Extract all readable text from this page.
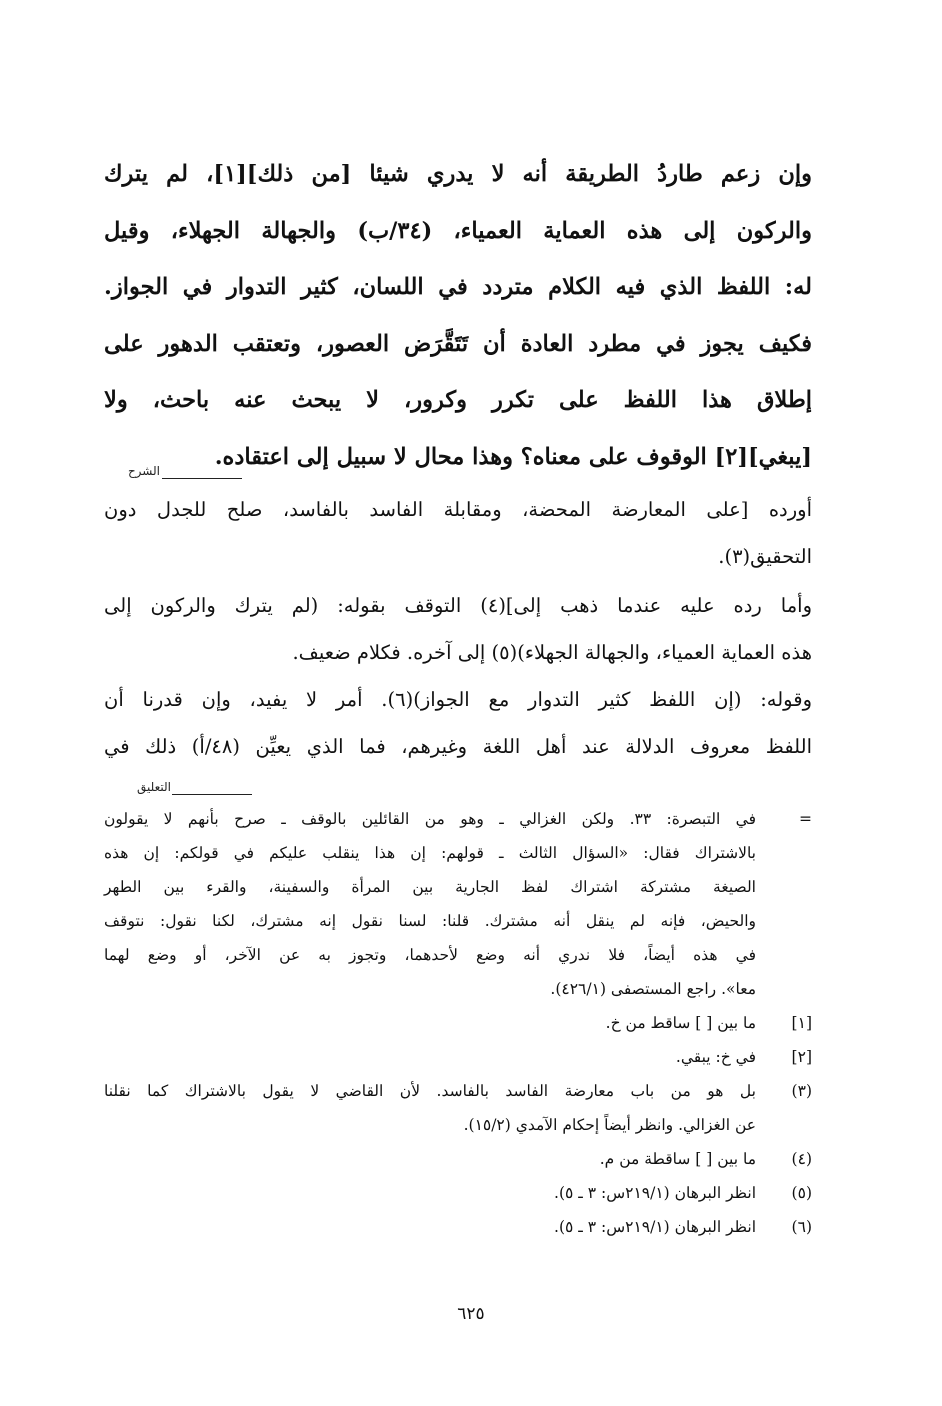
وإن زعم طاردُ الطريقة أنه لا يدري شيئا [من ذلك][١]، لم يترك
والركون إلى هذه العماية العمياء، (٣٤/ب) والجهالة الجهلاء، وقيل
له: اللفظ الذي فيه الكلام متردد في اللسان، كثير التدوار في الجواز.
فكيف يجوز في مطرد العادة أن تَتَقَّرَض العصور، وتعتقب الدهور على
إطلاق هذا اللفظ على تكرر وكرور، لا يبحث عنه باحث، ولا
[يبغي][٢] الوقوف على معناه؟ وهذا محال لا سبيل إلى اعتقاده.
الشرح

أورده [على المعارضة المحضة، ومقابلة الفاسد بالفاسد، صلح للجدل دون
التحقيق(٣).

وأما رده عليه عندما ذهب إلى](٤) التوقف بقوله: (لم يترك والركون إلى
هذه العماية العمياء، والجهالة الجهلاء)(٥) إلى آخره. فكلام ضعيف.

وقوله: (إن اللفظ كثير التدوار مع الجواز)(٦). أمر لا يفيد، وإن قدرنا أن
اللفظ معروف الدلالة عند أهل اللغة وغيرهم، فما الذي يعيِّن (٤٨/أ) ذلك في

التعليق
=
في التبصرة: ٣٣. ولكن الغزالي ـ وهو من القائلين بالوقف ـ صرح بأنهم لا يقولون
بالاشتراك فقال: «السؤال الثالث ـ قولهم: إن هذا ينقلب عليكم في قولكم: إن هذه
الصيغة مشتركة اشتراك لفظ الجارية بين المرأة والسفينة، والقرء بين الطهر
والحيض، فإنه لم ينقل أنه مشترك. قلنا: لسنا نقول إنه مشترك، لكنا نقول: نتوقف
في هذه أيضاً، فلا ندري أنه وضع لأحدهما، وتجوز به عن الآخر، أو وضع لهما
معا». راجع المستصفى (٤٢٦/١).
[١]
ما بين [ ] ساقط من خ.
[٢]
في خ: يبقي.
(٣)
بل هو من باب معارضة الفاسد بالفاسد. لأن القاضي لا يقول بالاشتراك كما نقلنا
عن الغزالي. وانظر أيضاً إحكام الآمدي (١٥/٢).
(٤)
ما بين [ ] ساقطة من م.
(٥)
انظر البرهان (٢١٩/١س: ٣ ـ ٥).
(٦)
انظر البرهان (٢١٩/١س: ٣ ـ ٥).
٦٢٥
